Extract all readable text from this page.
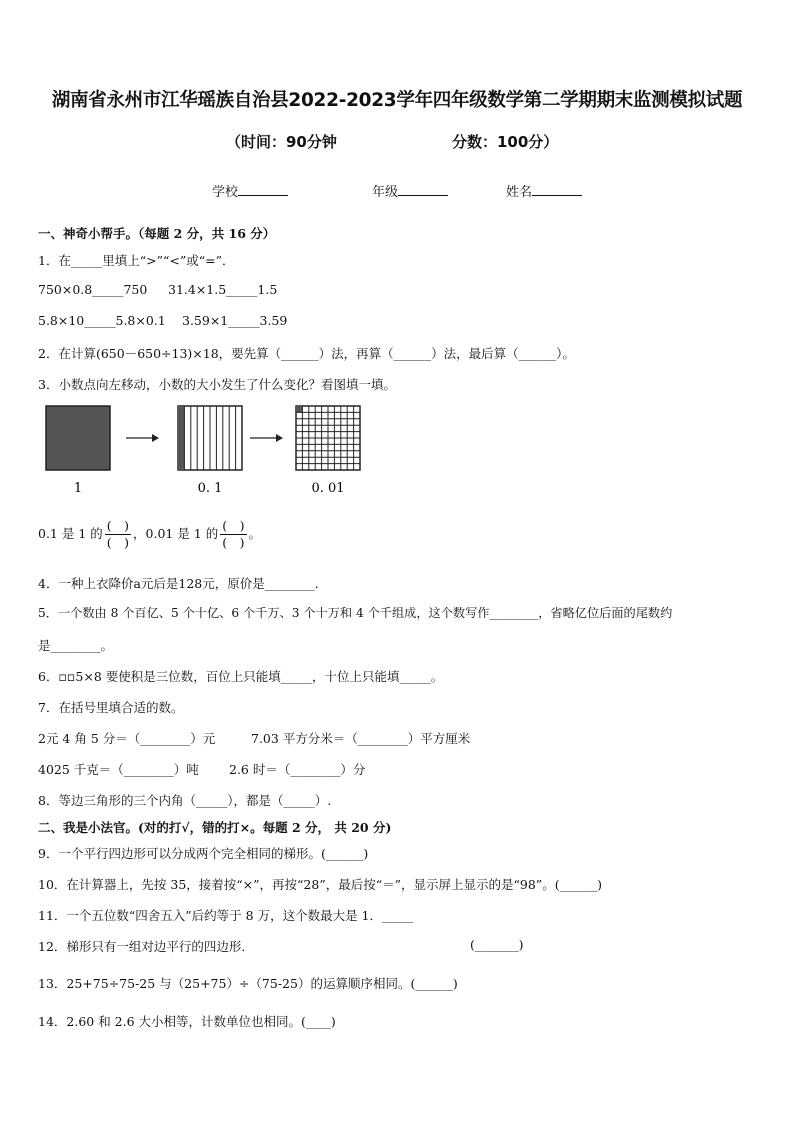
湖南省永州市江华瑶族自治县2022-2023学年四年级数学第二学期期末监测模拟试题
（时间：90分钟	分数：100分）
学校	年级	姓名
一、神奇小帮手。（每题 2 分，共 16 分）
1．在_____里填上“>”“<”或“=”．
750×0.8_____750 31.4×1.5_____1.5
5.8×10_____5.8×0.1 3.59×1_____3.59
2．在计算(650－650÷13)×18，要先算（______）法，再算（______）法，最后算（______）。
3．小数点向左移动，小数的大小发生了什么变化？看图填一填。
1	0. 1	0. 01
0.1 是 1 的 $\frac{( )}{( )}$ ，0.01 是 1 的 $\frac{( )}{( )}$ 。
4．一种上衣降价a元后是128元，原价是________．
5．一个数由 8 个百亿、5 个十亿、6 个千万、3 个十万和 4 个千组成，这个数写作________，省略亿位后面的尾数约
是________。
6．▫▫5×8 要使积是三位数，百位上只能填_____，十位上只能填_____。
7．在括号里填合适的数。
2元 4 角 5 分＝（________）元	7.03 平方分米＝（________）平方厘米
4025 千克＝（________）吨 2.6 时＝（________）分
8．等边三角形的三个内角（_____），都是（_____）.
二、我是小法官。(对的打√，错的打×。每题 2 分， 共 20 分)
9．一个平行四边形可以分成两个完全相同的梯形。(______)
10．在计算器上，先按 35，接着按“×”，再按“28”，最后按“＝”，显示屏上显示的是“98”。(______)
11．一个五位数“四舍五入”后约等于 8 万，这个数最大是 1．_____
12．梯形只有一组对边平行的四边形．	(_______)
13．25+75÷75-25 与（25+75）÷（75-25）的运算顺序相同。(______)
14．2.60 和 2.6 大小相等，计数单位也相同。(____)
